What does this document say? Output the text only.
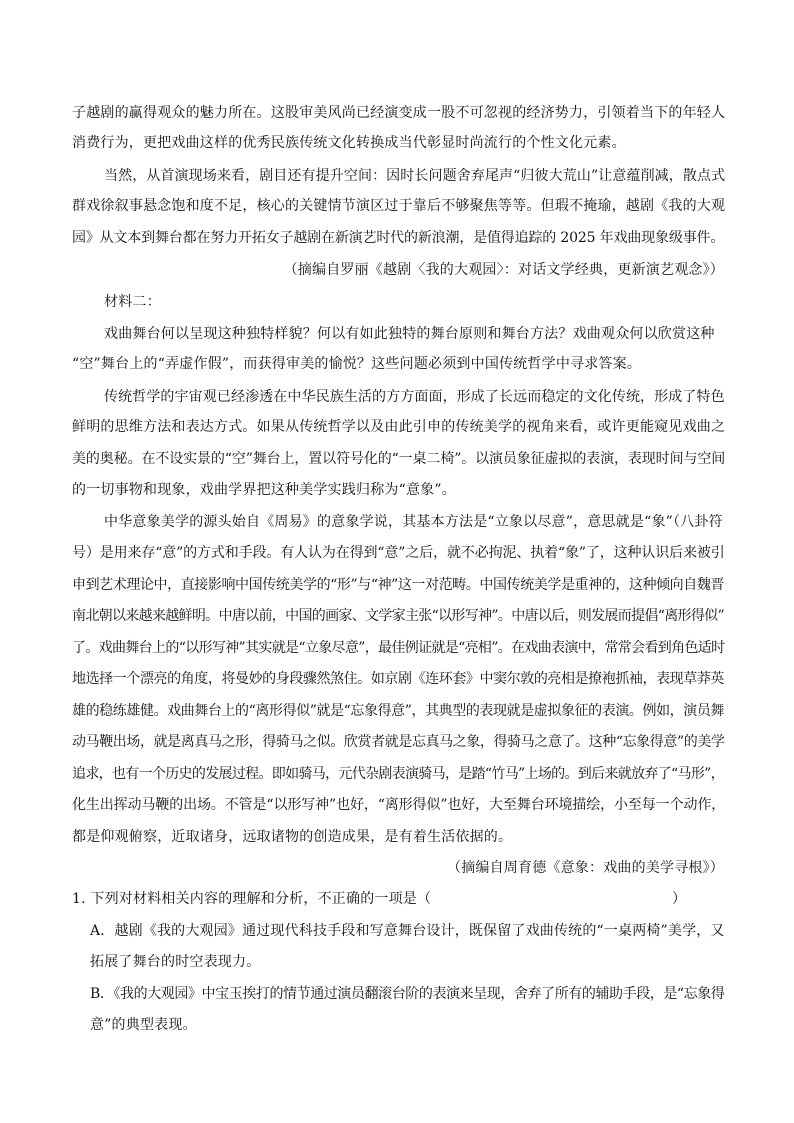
子越剧的赢得观众的魅力所在。这股审美风尚已经演变成一股不可忽视的经济势力，引领着当下的年轻人
消费行为，更把戏曲这样的优秀民族传统文化转换成当代彰显时尚流行的个性文化元素。
当然，从首演现场来看，剧目还有提升空间：因时长问题舍弃尾声“归彼大荒山”让意蕴削减，散点式
群戏徐叙事悬念饱和度不足，核心的关键情节演区过于靠后不够聚焦等等。但瑕不掩瑜，越剧《我的大观
园》从文本到舞台都在努力开拓女子越剧在新演艺时代的新浪潮，是值得追踪的 2025 年戏曲现象级事件。
（摘编自罗丽《越剧〈我的大观园〉：对话文学经典，更新演艺观念》）
材料二：
戏曲舞台何以呈现这种独特样貌？何以有如此独特的舞台原则和舞台方法？戏曲观众何以欣赏这种
“空”舞台上的“弄虚作假”，而获得审美的愉悦？这些问题必须到中国传统哲学中寻求答案。
传统哲学的宇宙观已经渗透在中华民族生活的方方面面，形成了长远而稳定的文化传统，形成了特色
鲜明的思维方法和表达方式。如果从传统哲学以及由此引申的传统美学的视角来看，或许更能窥见戏曲之
美的奥秘。在不设实景的“空”舞台上，置以符号化的“一桌二椅”。以演员象征虚拟的表演，表现时间与空间
的一切事物和现象，戏曲学界把这种美学实践归称为“意象”。
中华意象美学的源头始自《周易》的意象学说，其基本方法是“立象以尽意”，意思就是“象”（八卦符
号）是用来存“意”的方式和手段。有人认为在得到“意”之后，就不必拘泥、执着“象”了，这种认识后来被引
申到艺术理论中，直接影响中国传统美学的“形”与“神”这一对范畴。中国传统美学是重神的，这种倾向自魏晋
南北朝以来越来越鲜明。中唐以前，中国的画家、文学家主张“以形写神”。中唐以后，则发展而提倡“离形得似”
了。戏曲舞台上的“以形写神”其实就是“立象尽意”，最佳例证就是“亮相”。在戏曲表演中，常常会看到角色适时
地选择一个漂亮的角度，将曼妙的身段骤然煞住。如京剧《连环套》中窦尔敦的亮相是撩袍抓袖，表现草莽英
雄的稳练雄健。戏曲舞台上的“离形得似”就是“忘象得意”，其典型的表现就是虚拟象征的表演。例如，演员舞
动马鞭出场，就是离真马之形，得骑马之似。欣赏者就是忘真马之象，得骑马之意了。这种“忘象得意”的美学
追求，也有一个历史的发展过程。即如骑马，元代杂剧表演骑马，是踏“竹马”上场的。到后来就放弃了“马形”，
化生出挥动马鞭的出场。不管是“以形写神”也好，“离形得似”也好，大至舞台环境描绘，小至每一个动作，
都是仰观俯察，近取诸身，远取诸物的创造成果，是有着生活依据的。
（摘编自周育德《意象：戏曲的美学寻根》）
1. 下列对材料相关内容的理解和分析，不正确的一项是（	）
A．越剧《我的大观园》通过现代科技手段和写意舞台设计，既保留了戏曲传统的“一桌两椅”美学，又
拓展了舞台的时空表现力。
B．《我的大观园》中宝玉挨打的情节通过演员翻滚台阶的表演来呈现，舍弃了所有的辅助手段，是“忘象得
意”的典型表现。
